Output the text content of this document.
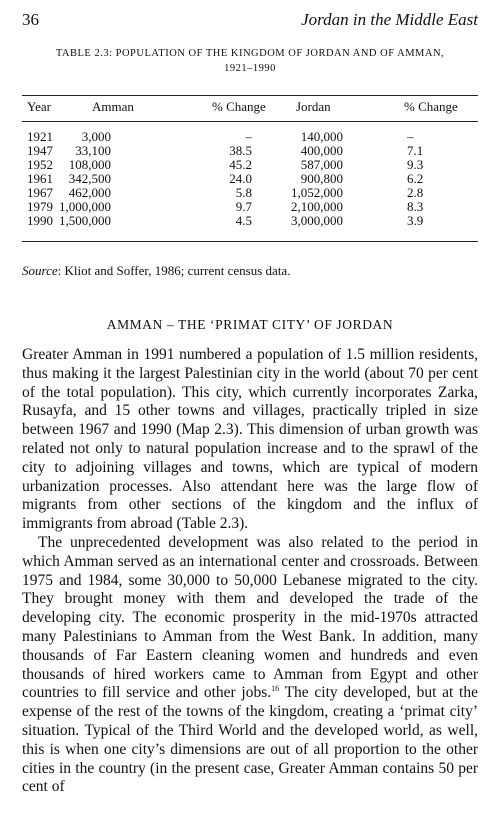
36	Jordan in the Middle East
TABLE 2.3: POPULATION OF THE KINGDOM OF JORDAN AND OF AMMAN,
1921–1990
Year	Amman	% Change Jordan	% Change
1921 3,000	–	140,000	–
1947 33,100	38.5	400,000	7.1
1952 108,000	45.2	587,000	9.3
1961 342,500	24.0	900,800	6.2
1967 462,000	5.8	1,052,000	2.8
1979 1,000,000	9.7	2,100,000	8.3
1990 1,500,000	4.5	3,000,000	3.9
Source: Kliot and Soffer, 1986; current census data.
AMMAN – THE ‘PRIMAT CITY’ OF JORDAN

Greater Amman in 1991 numbered a population of 1.5 million residents, thus making it the largest Palestinian city in the world (about 70 per cent of the total population). This city, which currently incorporates Zarka, Rusayfa, and 15 other towns and villages, practically tripled in size between 1967 and 1990 (Map 2.3). This dimension of urban growth was related not only to natural population increase and to the sprawl of the city to adjoining villages and towns, which are typical of modern urbanization processes. Also attendant here was the large flow of migrants from other sections of the kingdom and the influx of immigrants from abroad (Table 2.3).

The unprecedented development was also related to the period in which Amman served as an international center and crossroads. Between 1975 and 1984, some 30,000 to 50,000 Lebanese migrated to the city. They brought money with them and developed the trade of the developing city. The economic prosperity in the mid-1970s attracted many Palestinians to Amman from the West Bank. In addition, many thousands of Far Eastern cleaning women and hundreds and even thousands of hired workers came to Amman from Egypt and other countries to fill service and other jobs.$^{16}$ The city developed, but at the expense of the rest of the towns of the kingdom, creating a ‘primat city’ situation. Typical of the Third World and the developed world, as well, this is when one city’s dimensions are out of all proportion to the other cities in the country (in the present case, Greater Amman contains 50 per cent of
